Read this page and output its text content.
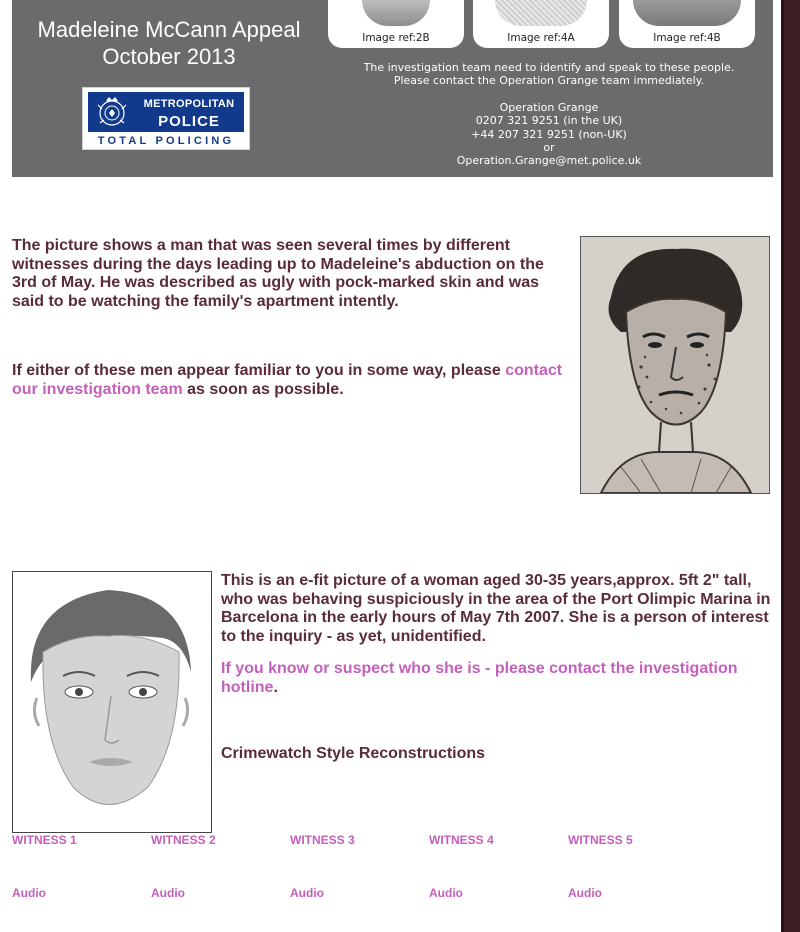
Madeleine McCann Appeal
October 2013
METROPOLITAN
POLICE
TOTAL POLICING
Image ref:2B	Image ref:4A	Image ref:4B
The investigation team need to identify and speak to these people.
Please contact the Operation Grange team immediately.
Operation Grange
0207 321 9251 (in the UK)
+44 207 321 9251 (non-UK)
or
Operation.Grange@met.police.uk
The picture shows a man that was seen several times by different witnesses during the days leading up to Madeleine's abduction on the 3rd of May. He was described as ugly with pock-marked skin and was said to be watching the family's apartment intently.
If either of these men appear familiar to you in some way, please contact our investigation team as soon as possible.
This is an e-fit picture of a woman aged 30-35 years,approx. 5ft 2" tall, who was behaving suspiciously in the area of the Port Olimpic Marina in Barcelona in the early hours of May 7th 2007. She is a person of interest to the inquiry - as yet, unidentified.
If you know or suspect who she is - please contact the investigation hotline.
Crimewatch Style Reconstructions
WITNESS 1	WITNESS 2	WITNESS 3	WITNESS 4	WITNESS 5
Audio	Audio	Audio	Audio	Audio
